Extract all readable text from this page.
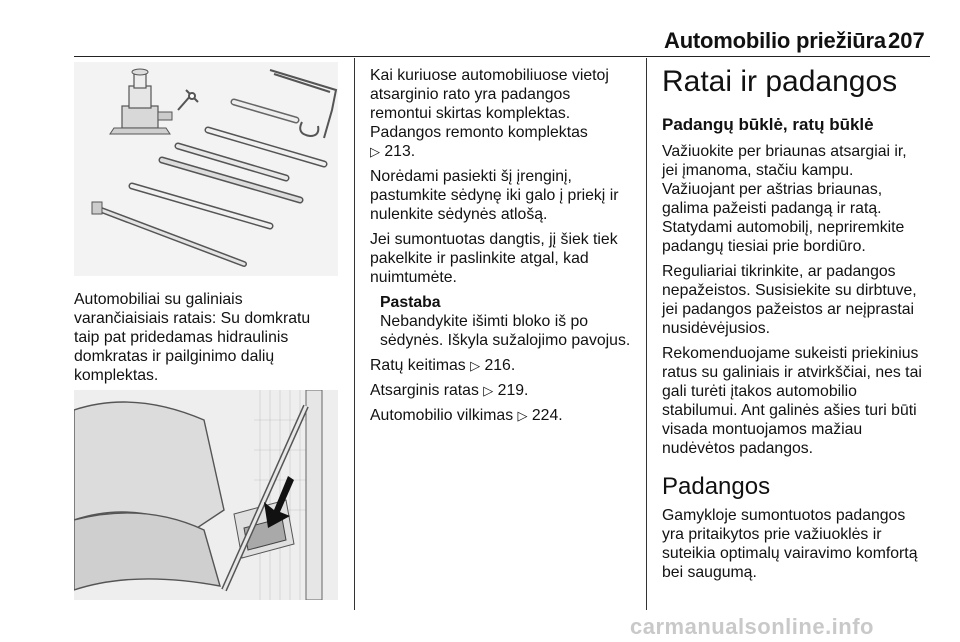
Automobilio priežiūra 207

Automobiliai su galiniais
varančiaisiais ratais: Su domkratu
taip pat pridedamas hidraulinis
domkratas ir pailginimo dalių
komplektas.

Kai kuriuose automobiliuose vietoj
atsarginio rato yra padangos
remontui skirtas komplektas.
Padangos remonto komplektas
▷ 213.

Norėdami pasiekti šį įrenginį,
pastumkite sėdynę iki galo į priekį ir
nulenkite sėdynės atlošą.

Jei sumontuotas dangtis, jį šiek tiek
pakelkite ir paslinkite atgal, kad
nuimtumėte.

Pastaba
Nebandykite išimti bloko iš po
sėdynės. Iškyla sužalojimo pavojus.

Ratų keitimas ▷ 216.

Atsarginis ratas ▷ 219.

Automobilio vilkimas ▷ 224.

Ratai ir padangos
Padangų būklė, ratų būklė

Važiuokite per briaunas atsargiai ir,
jei įmanoma, stačiu kampu.
Važiuojant per aštrias briaunas,
galima pažeisti padangą ir ratą.
Statydami automobilį, nepriremkite
padangų tiesiai prie bordiūro.

Reguliariai tikrinkite, ar padangos
nepažeistos. Susisiekite su dirbtuve,
jei padangos pažeistos ar neįprastai
nusidėvėjusios.

Rekomenduojame sukeisti priekinius
ratus su galiniais ir atvirkščiai, nes tai
gali turėti įtakos automobilio
stabilumui. Ant galinės ašies turi būti
visada montuojamos mažiau
nudėvėtos padangos.

Padangos

Gamykloje sumontuotos padangos
yra pritaikytos prie važiuoklės ir
suteikia optimalų vairavimo komfortą
bei saugumą.

carmanualsonline.info
